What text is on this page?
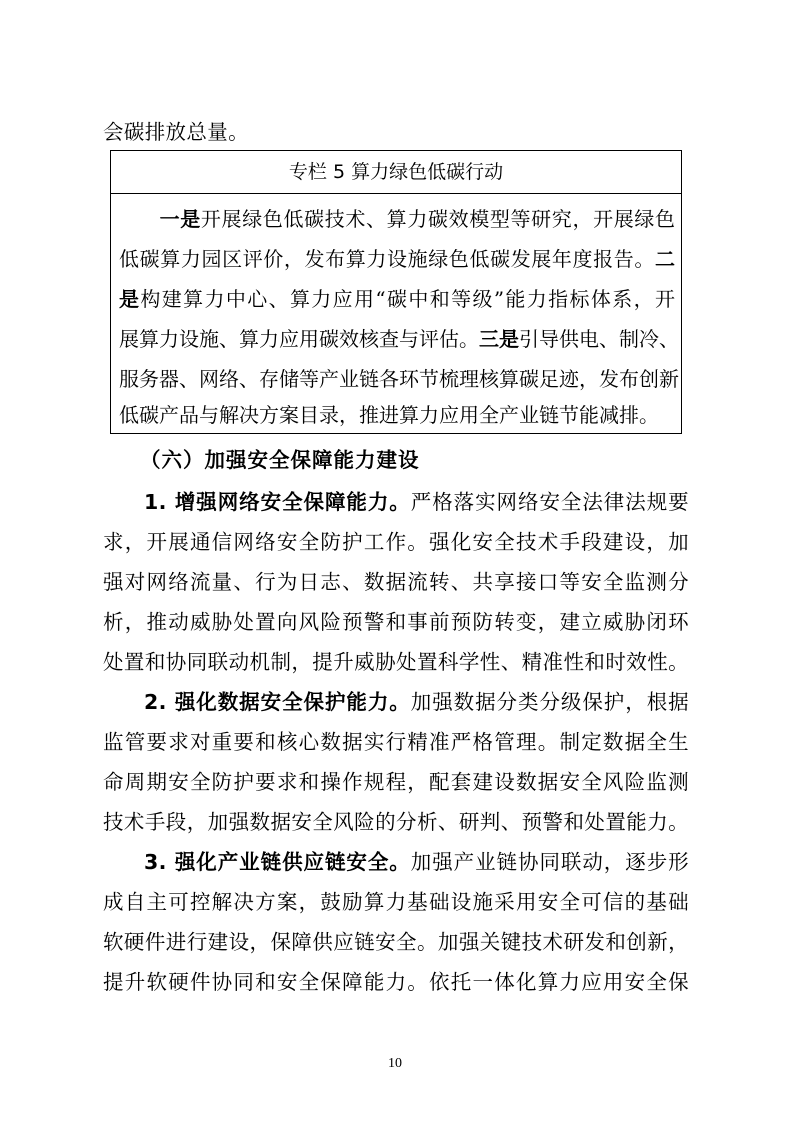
会碳排放总量。
专栏 5 算力绿色低碳行动
一是开展绿色低碳技术、算力碳效模型等研究，开展绿色
低碳算力园区评价，发布算力设施绿色低碳发展年度报告。二
是构建算力中心、算力应用“碳中和等级”能力指标体系，开
展算力设施、算力应用碳效核查与评估。三是引导供电、制冷、
服务器、网络、存储等产业链各环节梳理核算碳足迹，发布创新
低碳产品与解决方案目录，推进算力应用全产业链节能减排。
（六）加强安全保障能力建设
1. 增强网络安全保障能力。严格落实网络安全法律法规要
求，开展通信网络安全防护工作。强化安全技术手段建设，加
强对网络流量、行为日志、数据流转、共享接口等安全监测分
析，推动威胁处置向风险预警和事前预防转变，建立威胁闭环
处置和协同联动机制，提升威胁处置科学性、精准性和时效性。
2. 强化数据安全保护能力。加强数据分类分级保护，根据
监管要求对重要和核心数据实行精准严格管理。制定数据全生
命周期安全防护要求和操作规程，配套建设数据安全风险监测
技术手段，加强数据安全风险的分析、研判、预警和处置能力。
3. 强化产业链供应链安全。加强产业链协同联动，逐步形
成自主可控解决方案，鼓励算力基础设施采用安全可信的基础
软硬件进行建设，保障供应链安全。加强关键技术研发和创新，
提升软硬件协同和安全保障能力。依托一体化算力应用安全保
10
